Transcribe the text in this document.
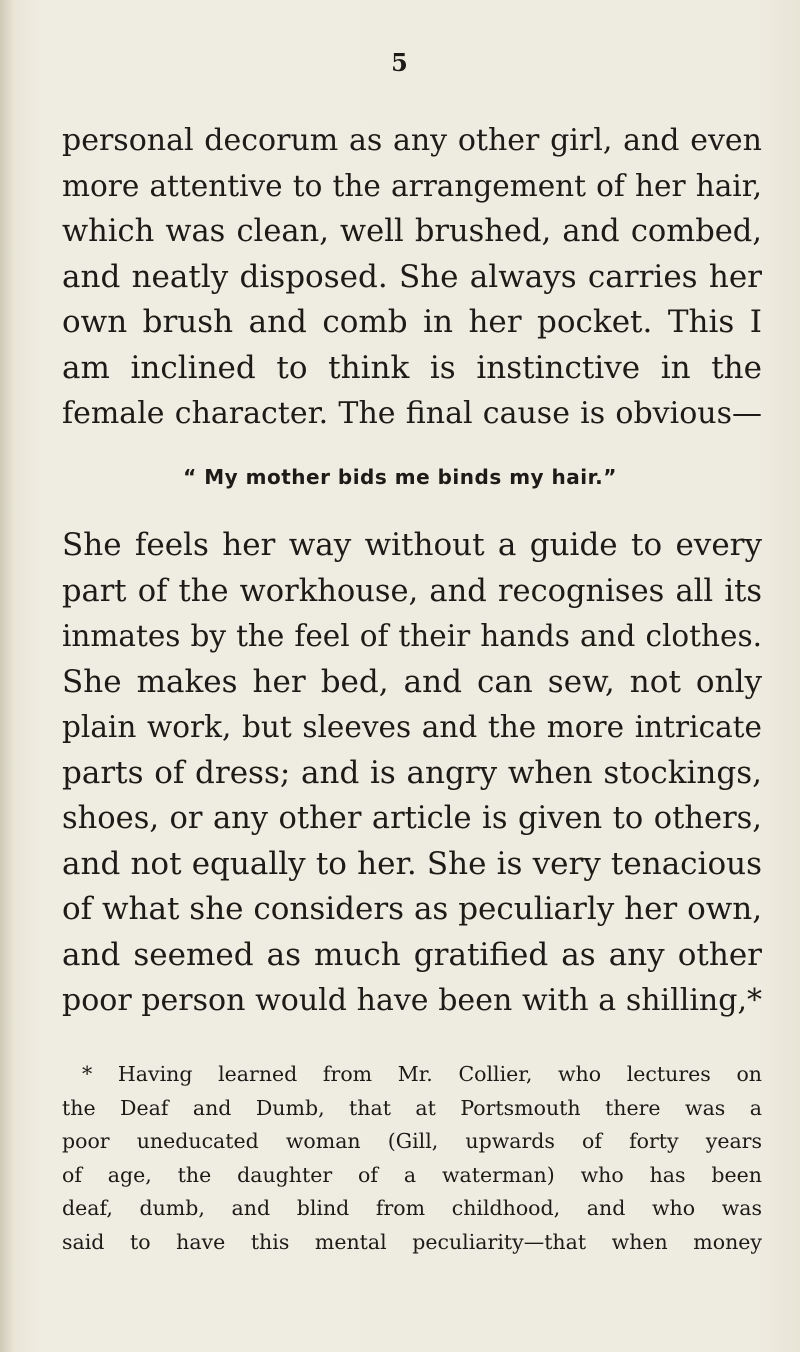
5
personal decorum as any other girl, and even
more attentive to the arrangement of her hair,
which was clean, well brushed, and combed,
and neatly disposed. She always carries her
own brush and comb in her pocket. This I
am inclined to think is instinctive in the
female character. The final cause is obvious—
“ My mother bids me binds my hair.”
She feels her way without a guide to every
part of the workhouse, and recognises all its
inmates by the feel of their hands and clothes.
She makes her bed, and can sew, not only
plain work, but sleeves and the more intricate
parts of dress; and is angry when stockings,
shoes, or any other article is given to others,
and not equally to her. She is very tenacious
of what she considers as peculiarly her own,
and seemed as much gratified as any other
poor person would have been with a shilling,*
* Having learned from Mr. Collier, who lectures on
the Deaf and Dumb, that at Portsmouth there was a
poor uneducated woman (Gill, upwards of forty years
of age, the daughter of a waterman) who has been
deaf, dumb, and blind from childhood, and who was
said to have this mental peculiarity—that when money
